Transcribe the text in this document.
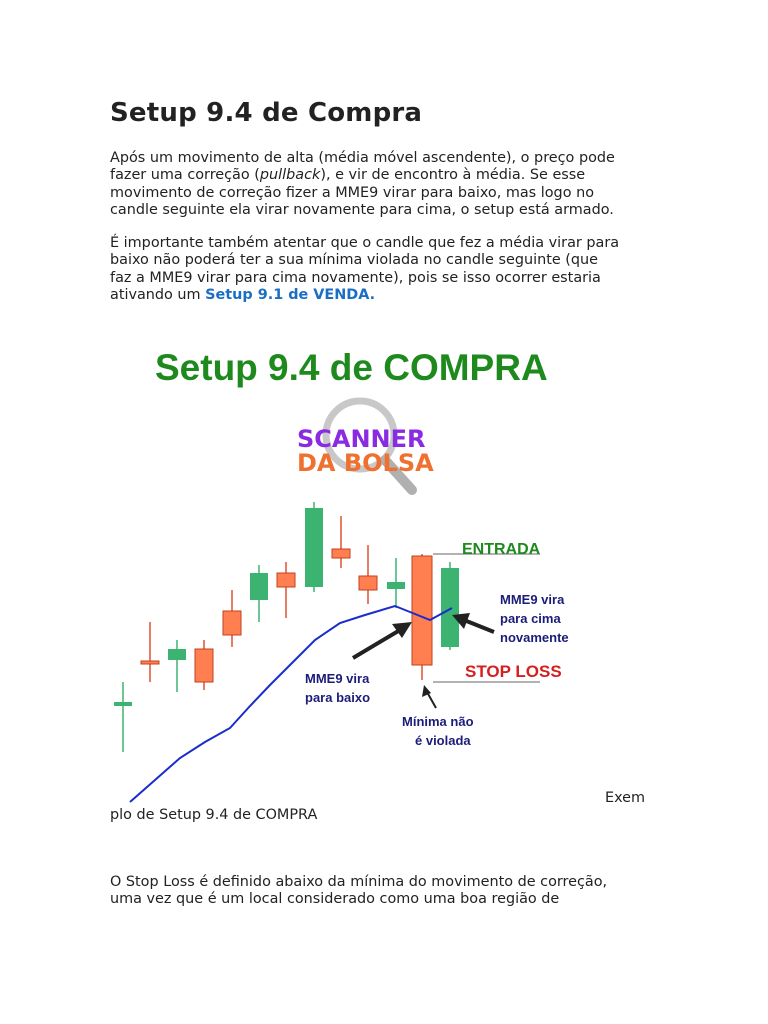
Setup 9.4 de Compra

Após um movimento de alta (média móvel ascendente), o preço pode
fazer uma correção (pullback), e vir de encontro à média. Se esse
movimento de correção fizer a MME9 virar para baixo, mas logo no
candle seguinte ela virar novamente para cima, o setup está armado.

É importante também atentar que o candle que fez a média virar para
baixo não poderá ter a sua mínima violada no candle seguinte (que
faz a MME9 virar para cima novamente), pois se isso ocorrer estaria
ativando um Setup 9.1 de VENDA.

Setup 9.4 de COMPRA
SCANNER
DA BOLSA
ENTRADA
MME9 vira
para cima
novamente
STOP LOSS
MME9 vira
para baixo
Mínima não
é violada
Exem
plo de Setup 9.4 de COMPRA

O Stop Loss é definido abaixo da mínima do movimento de correção,
uma vez que é um local considerado como uma boa região de
